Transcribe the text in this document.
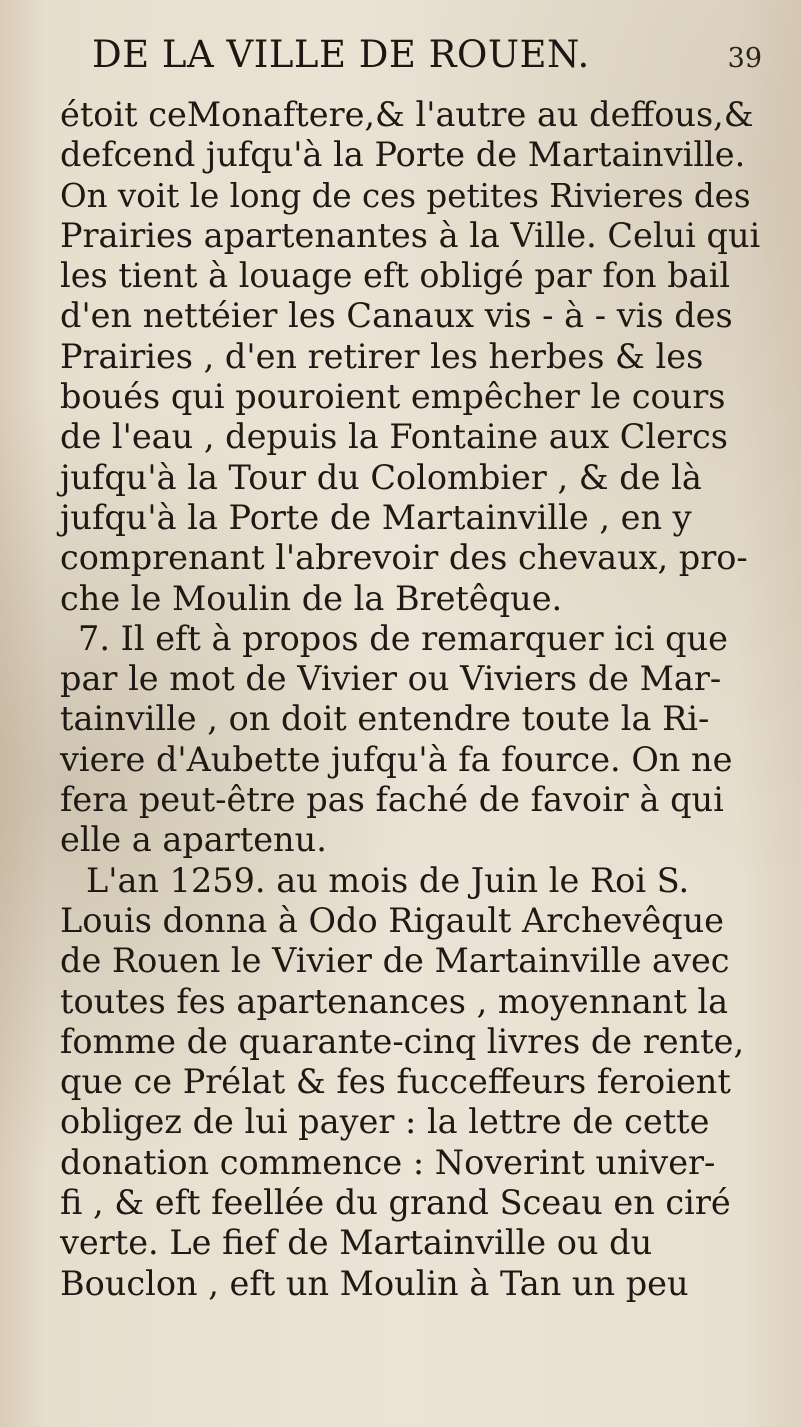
DE LA VILLE DE ROUEN.	39
étoit ceMonaftere,& l'autre au deffous,&
defcend jufqu'à la Porte de Martainville.
On voit le long de ces petites Rivieres des
Prairies apartenantes à la Ville. Celui qui
les tient à louage eft obligé par fon bail
d'en nettéier les Canaux vis - à - vis des
Prairies , d'en retirer les herbes & les
boués qui pouroient empêcher le cours
de l'eau , depuis la Fontaine aux Clercs
jufqu'à la Tour du Colombier , & de là
jufqu'à la Porte de Martainville , en y
comprenant l'abrevoir des chevaux, pro-
che le Moulin de la Bretêque.
7. Il eft à propos de remarquer ici que
par le mot de Vivier ou Viviers de Mar-
tainville , on doit entendre toute la Ri-
viere d'Aubette jufqu'à fa fource. On ne
fera peut-être pas faché de favoir à qui
elle a apartenu.
L'an 1259. au mois de Juin le Roi S.
Louis donna à Odo Rigault Archevêque
de Rouen le Vivier de Martainville avec
toutes fes apartenances , moyennant la
fomme de quarante-cinq livres de rente,
que ce Prélat & fes fucceffeurs feroient
obligez de lui payer : la lettre de cette
donation commence : Noverint univer-
fi , & eft feellée du grand Sceau en ciré
verte. Le fief de Martainville ou du
Bouclon , eft un Moulin à Tan un peu
